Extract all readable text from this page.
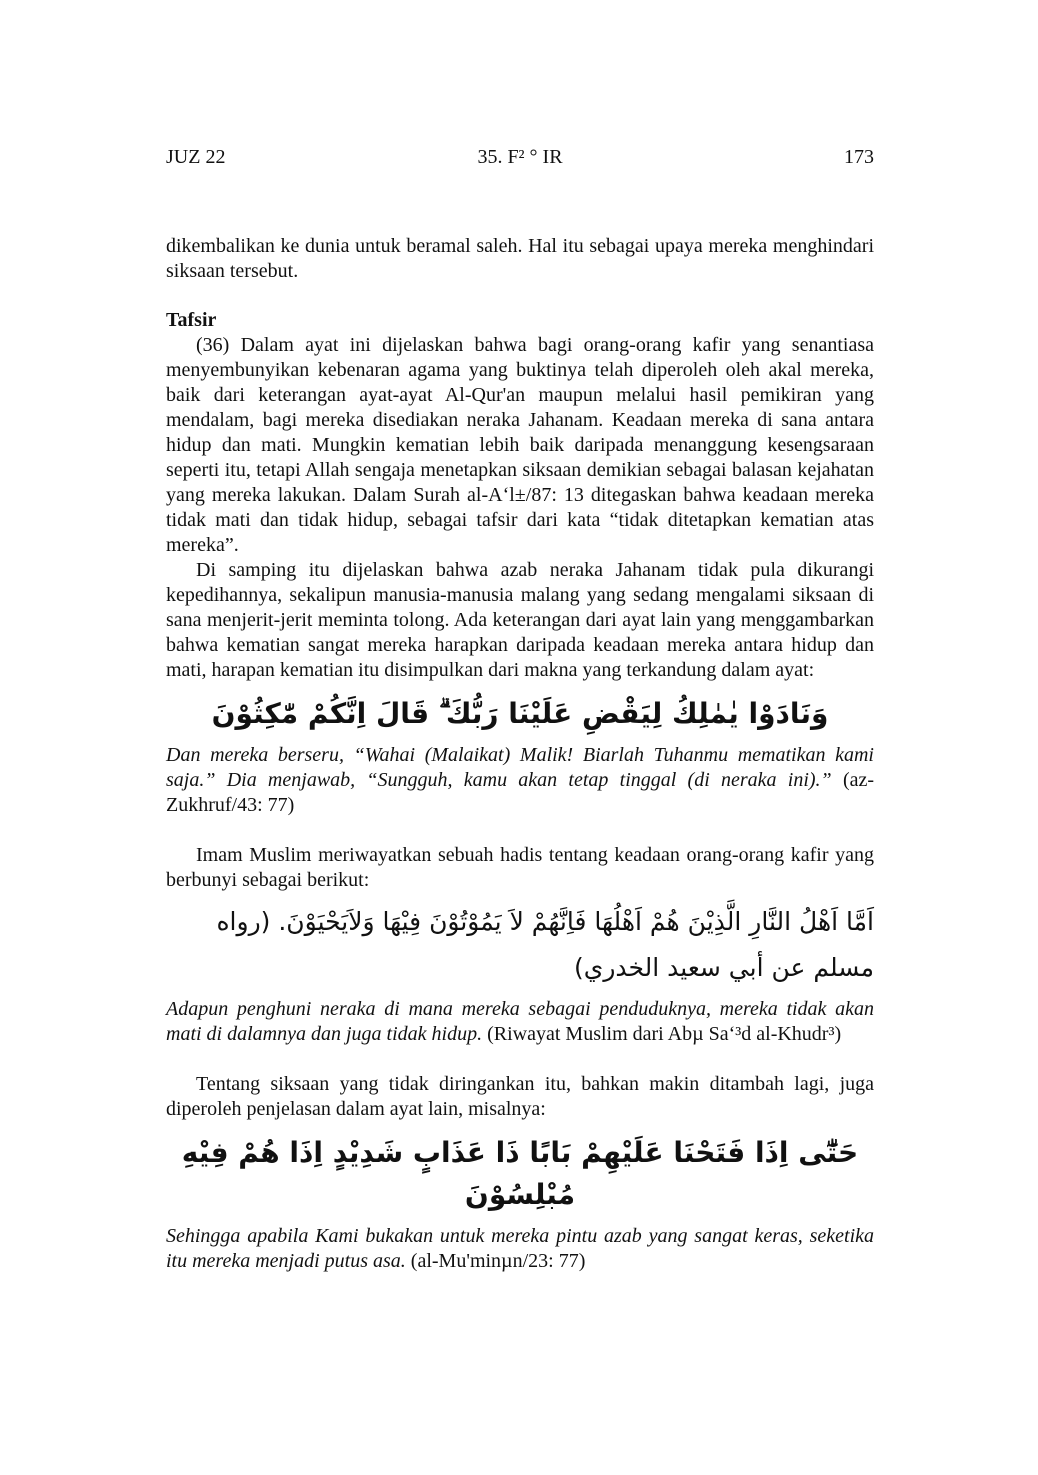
JUZ 22	35. F² ° IR	173

dikembalikan ke dunia untuk beramal saleh. Hal itu sebagai upaya mereka menghindari siksaan tersebut.

Tafsir

(36) Dalam ayat ini dijelaskan bahwa bagi orang-orang kafir yang senantiasa menyembunyikan kebenaran agama yang buktinya telah diperoleh oleh akal mereka, baik dari keterangan ayat-ayat Al-Qur'an maupun melalui hasil pemikiran yang mendalam, bagi mereka disediakan neraka Jahanam. Keadaan mereka di sana antara hidup dan mati. Mungkin kematian lebih baik daripada menanggung kesengsaraan seperti itu, tetapi Allah sengaja menetapkan siksaan demikian sebagai balasan kejahatan yang mereka lakukan. Dalam Surah al-A‘l±/87: 13 ditegaskan bahwa keadaan mereka tidak mati dan tidak hidup, sebagai tafsir dari kata “tidak ditetapkan kematian atas mereka”.

Di samping itu dijelaskan bahwa azab neraka Jahanam tidak pula dikurangi kepedihannya, sekalipun manusia-manusia malang yang sedang mengalami siksaan di sana menjerit-jerit meminta tolong. Ada keterangan dari ayat lain yang menggambarkan bahwa kematian sangat mereka harapkan daripada keadaan mereka antara hidup dan mati, harapan kematian itu disimpulkan dari makna yang terkandung dalam ayat:

وَنَادَوْا يٰمٰلِكُ لِيَقْضِ عَلَيْنَا رَبُّكَ ۗ قَالَ اِنَّكُمْ مّٰكِثُوْنَ

Dan mereka berseru, “Wahai (Malaikat) Malik! Biarlah Tuhanmu mematikan kami saja.” Dia menjawab, “Sungguh, kamu akan tetap tinggal (di neraka ini).” (az-Zukhruf/43: 77)

Imam Muslim meriwayatkan sebuah hadis tentang keadaan orang-orang kafir yang berbunyi sebagai berikut:

اَمَّا اَهْلُ النَّارِ الَّذِيْنَ هُمْ اَهْلُهَا فَاِنَّهُمْ لاَ يَمُوْتُوْنَ فِيْهَا وَلاَيَحْيَوْنَ. (رواه مسلم عن أبي سعيد الخدري)

Adapun penghuni neraka di mana mereka sebagai penduduknya, mereka tidak akan mati di dalamnya dan juga tidak hidup. (Riwayat Muslim dari Abµ Sa‘³d al-Khudr³)

Tentang siksaan yang tidak diringankan itu, bahkan makin ditambah lagi, juga diperoleh penjelasan dalam ayat lain, misalnya:

حَتّٰٓى اِذَا فَتَحْنَا عَلَيْهِمْ بَابًا ذَا عَذَابٍ شَدِيْدٍ اِذَا هُمْ فِيْهِ مُبْلِسُوْنَ

Sehingga apabila Kami bukakan untuk mereka pintu azab yang sangat keras, seketika itu mereka menjadi putus asa. (al-Mu'minµn/23: 77)
